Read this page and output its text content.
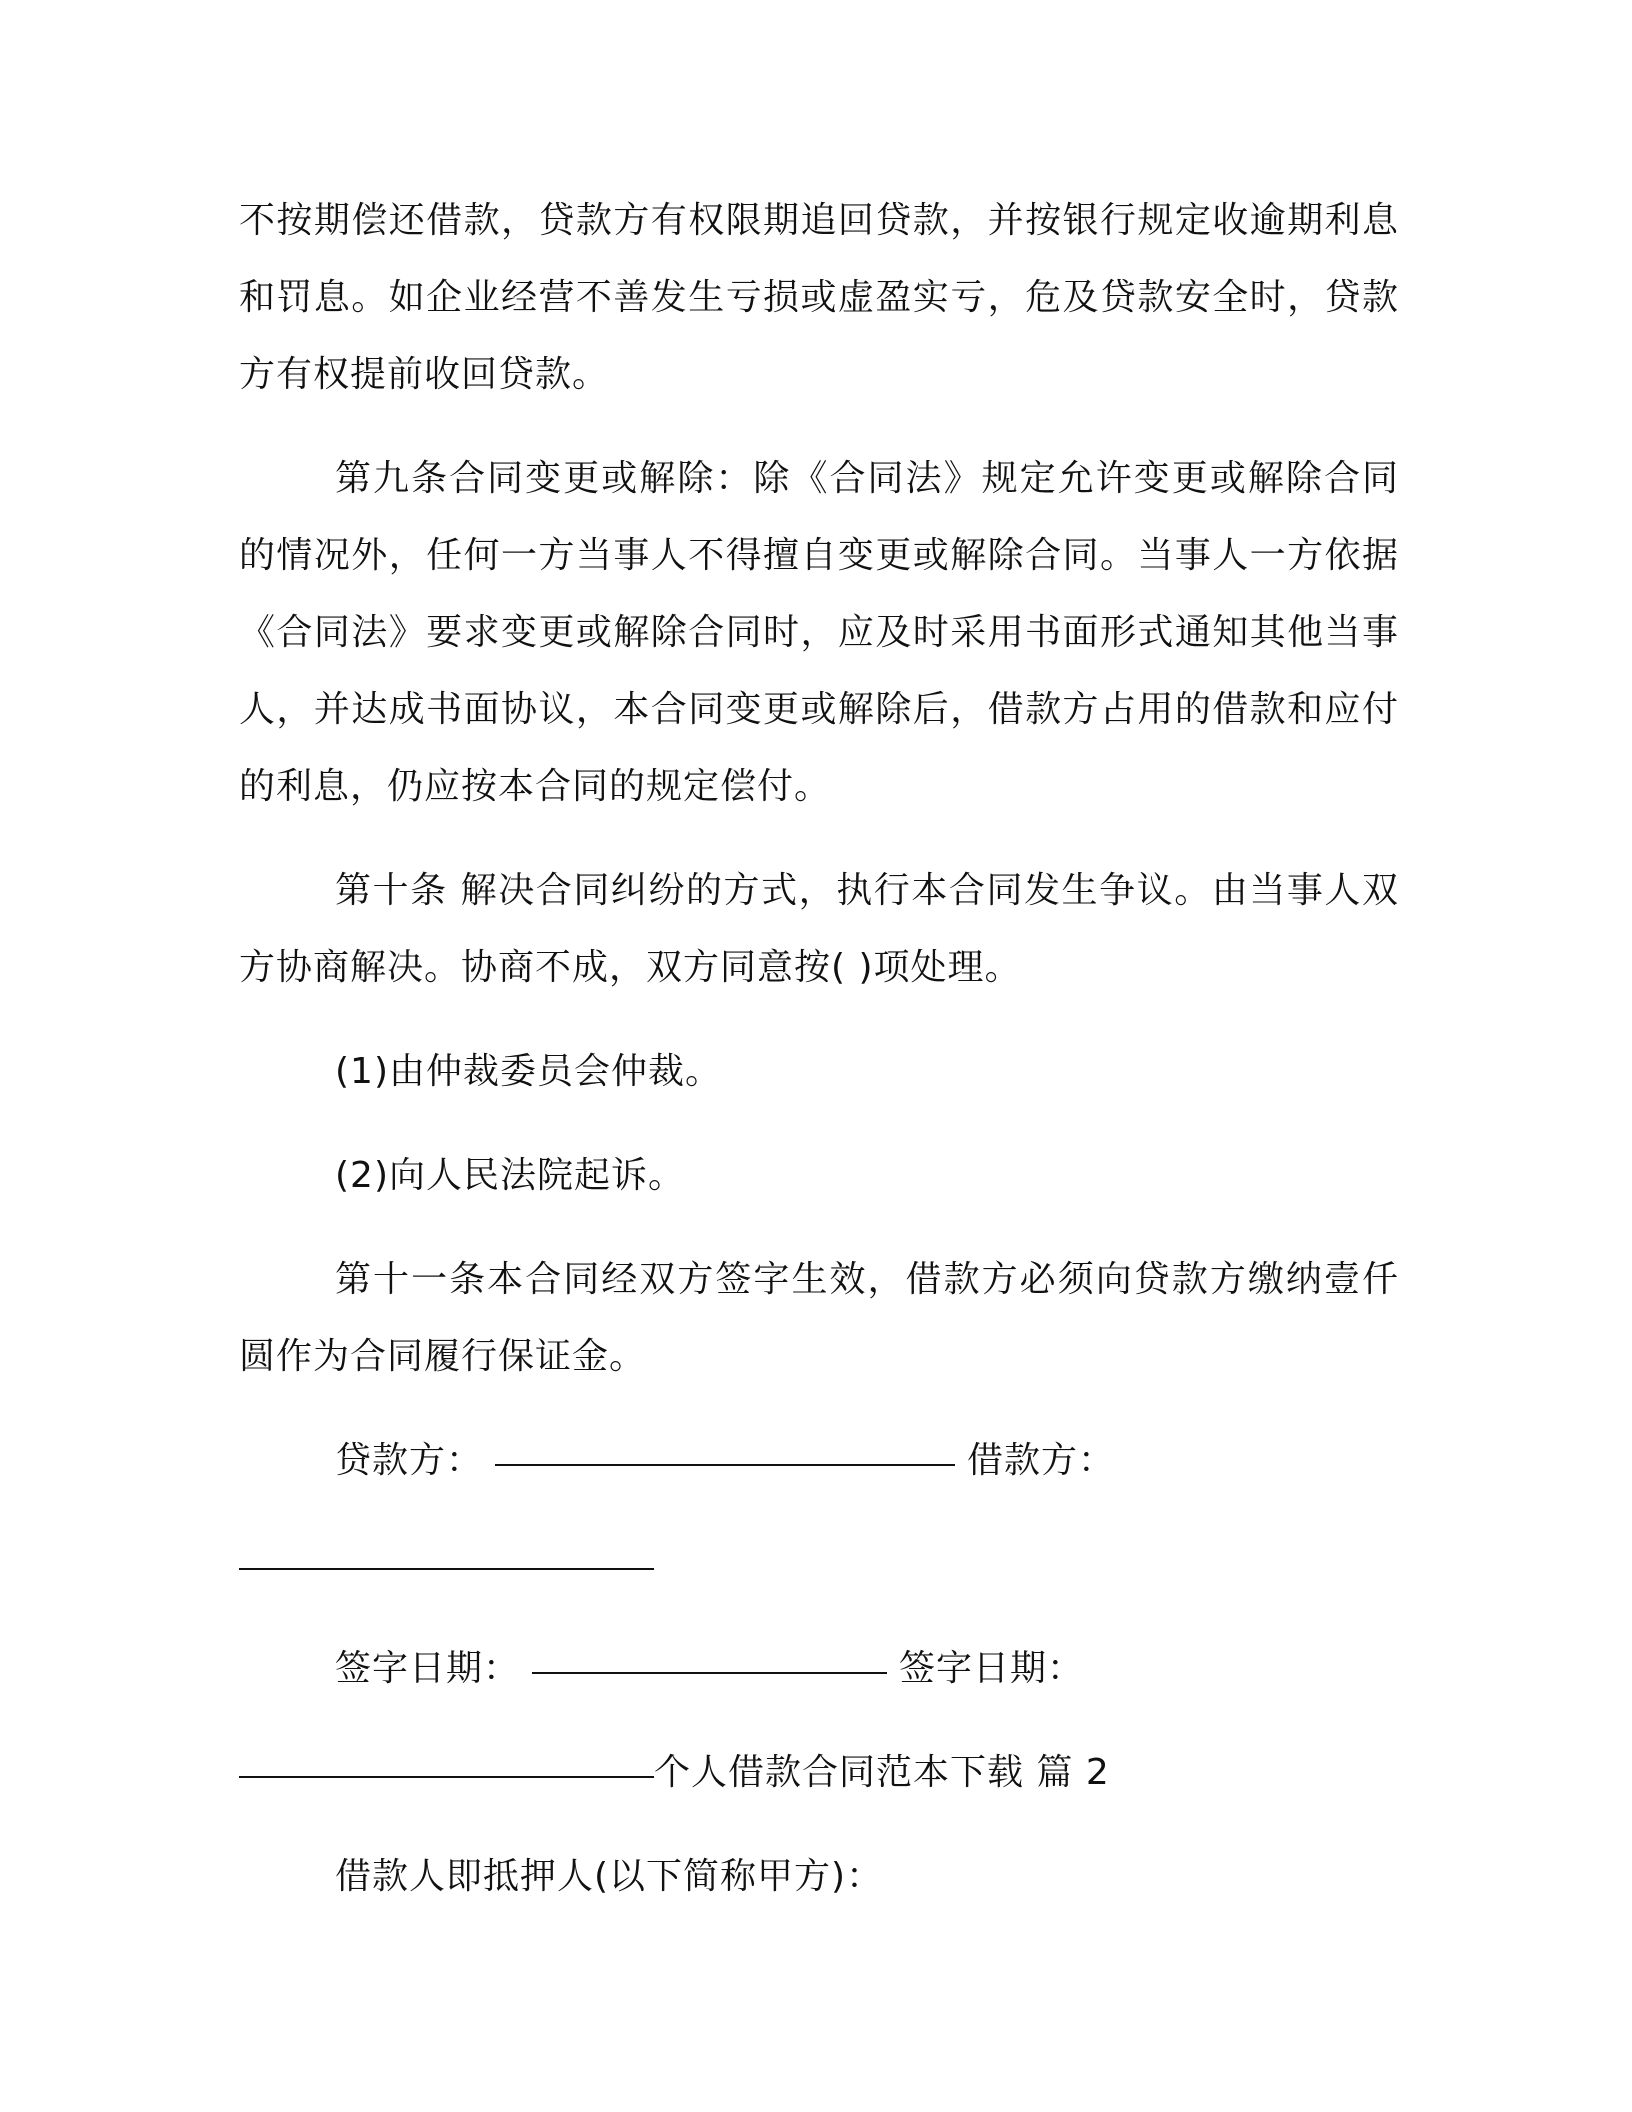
不按期偿还借款，贷款方有权限期追回贷款，并按银行规定收逾期利息和罚息。如企业经营不善发生亏损或虚盈实亏，危及贷款安全时，贷款方有权提前收回贷款。

第九条合同变更或解除：除《合同法》规定允许变更或解除合同的情况外，任何一方当事人不得擅自变更或解除合同。当事人一方依据《合同法》要求变更或解除合同时，应及时采用书面形式通知其他当事人，并达成书面协议，本合同变更或解除后，借款方占用的借款和应付的利息，仍应按本合同的规定偿付。

第十条 解决合同纠纷的方式，执行本合同发生争议。由当事人双方协商解决。协商不成，双方同意按( )项处理。

(1)由仲裁委员会仲裁。

(2)向人民法院起诉。

第十一条本合同经双方签字生效，借款方必须向贷款方缴纳壹仟圆作为合同履行保证金。

贷款方：	借款方：
签字日期：	签字日期：
个人借款合同范本下载 篇 2

借款人即抵押人(以下简称甲方)：
